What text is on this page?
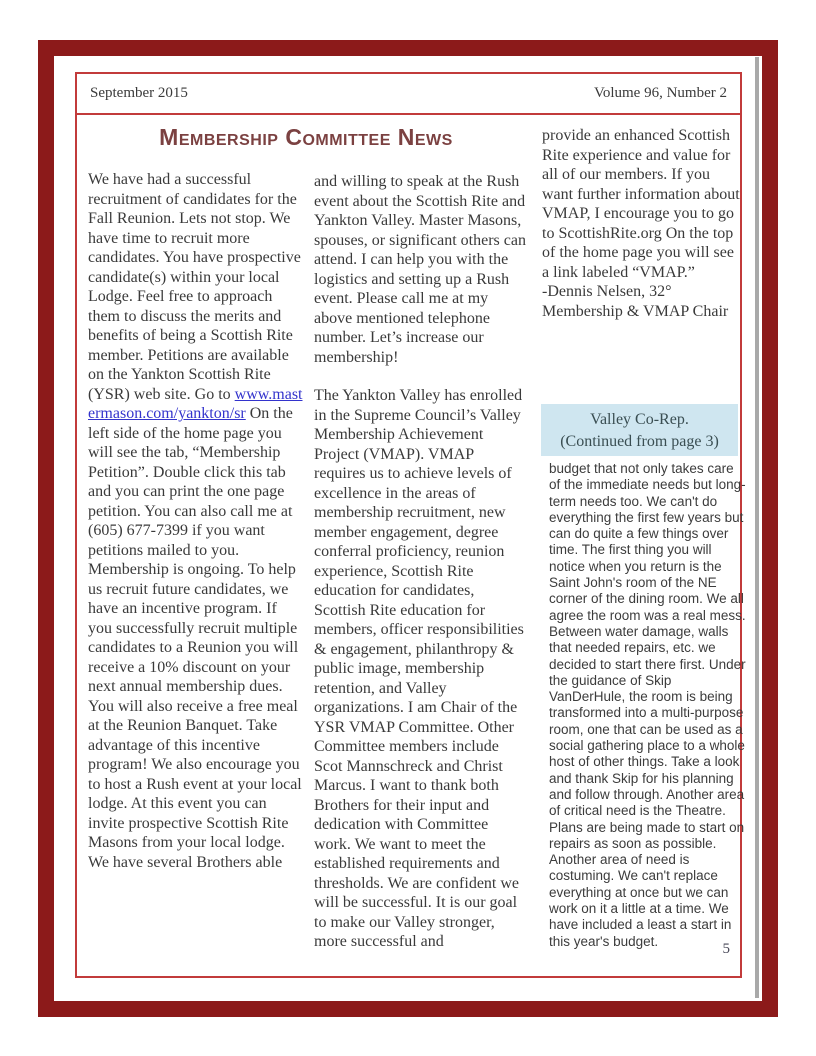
September 2015	Volume 96, Number 2
Membership Committee News

We have had a successful recruitment of candidates for the Fall Reunion. Lets not stop. We have time to recruit more candidates. You have prospective candidate(s) within your local Lodge. Feel free to approach them to discuss the merits and benefits of being a Scottish Rite member. Petitions are available on the Yankton Scottish Rite (YSR) web site. Go to www.mastermason.com/yankton/sr On the left side of the home page you will see the tab, “Membership Petition”. Double click this tab and you can print the one page petition. You can also call me at (605) 677-7399 if you want petitions mailed to you. Membership is ongoing. To help us recruit future candidates, we have an incentive program. If you successfully recruit multiple candidates to a Reunion you will receive a 10% discount on your next annual membership dues. You will also receive a free meal at the Reunion Banquet. Take advantage of this incentive program! We also encourage you to host a Rush event at your local lodge. At this event you can invite prospective Scottish Rite Masons from your local lodge. We have several Brothers able

and willing to speak at the Rush event about the Scottish Rite and Yankton Valley. Master Masons, spouses, or significant others can attend. I can help you with the logistics and setting up a Rush event. Please call me at my above mentioned telephone number. Let’s increase our membership!

The Yankton Valley has enrolled in the Supreme Council’s Valley Membership Achievement Project (VMAP). VMAP requires us to achieve levels of excellence in the areas of membership recruitment, new member engagement, degree conferral proficiency, reunion experience, Scottish Rite education for candidates, Scottish Rite education for members, officer responsibilities & engagement, philanthropy & public image, membership retention, and Valley organizations. I am Chair of the YSR VMAP Committee. Other Committee members include Scot Mannschreck and Christ Marcus. I want to thank both Brothers for their input and dedication with Committee work. We want to meet the established requirements and thresholds. We are confident we will be successful. It is our goal to make our Valley stronger, more successful and

provide an enhanced Scottish Rite experience and value for all of our members. If you want further information about VMAP, I encourage you to go to ScottishRite.org On the top of the home page you will see a link labeled “VMAP.”

-Dennis Nelsen, 32°

Membership & VMAP Chair

Valley Co-Rep.
(Continued from page 3)

budget that not only takes care of the immediate needs but long-term needs too. We can't do everything the first few years but can do quite a few things over time. The first thing you will notice when you return is the Saint John's room of the NE corner of the dining room. We all agree the room was a real mess. Between water damage, walls that needed repairs, etc. we decided to start there first. Under the guidance of Skip VanDerHule, the room is being transformed into a multi-purpose room, one that can be used as a social gathering place to a whole host of other things. Take a look and thank Skip for his planning and follow through. Another area of critical need is the Theatre. Plans are being made to start on repairs as soon as possible. Another area of need is costuming. We can't replace everything at once but we can work on it a little at a time. We have included a least a start in this year's budget.	5
